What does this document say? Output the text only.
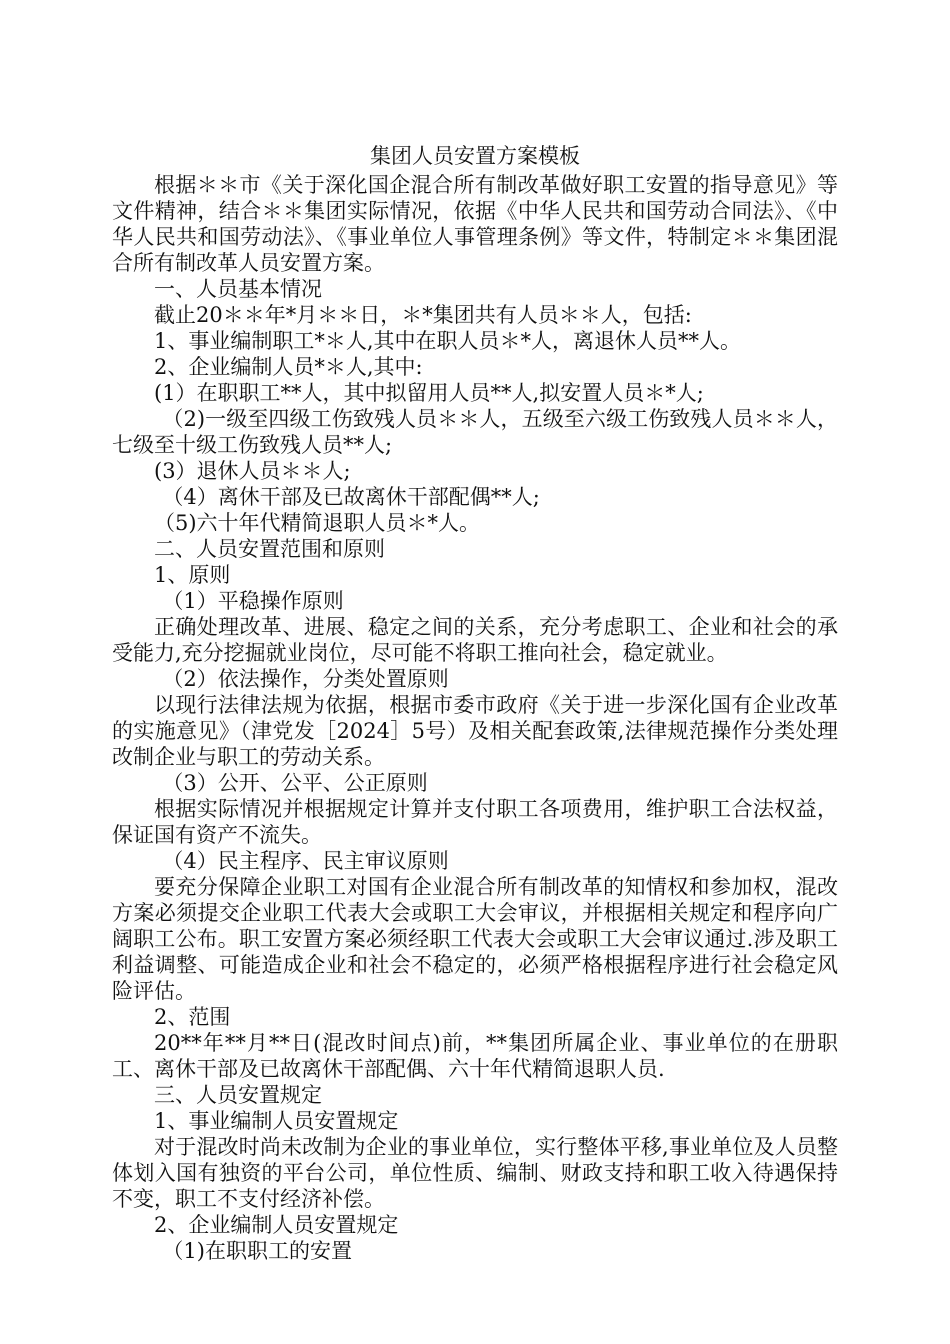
集团人员安置方案模板

根据＊＊市《关于深化国企混合所有制改革做好职工安置的指导意见》等文件精神，结合＊＊集团实际情况，依据《中华人民共和国劳动合同法》、《中华人民共和国劳动法》、《事业单位人事管理条例》等文件，特制定＊＊集团混合所有制改革人员安置方案。

一、人员基本情况

截止20＊＊年*月＊＊日，＊*集团共有人员＊＊人，包括:

1、事业编制职工*＊人,其中在职人员＊*人，离退休人员**人。

2、企业编制人员*＊人,其中:

(1）在职职工**人，其中拟留用人员**人,拟安置人员＊*人;

（2)一级至四级工伤致残人员＊＊人，五级至六级工伤致残人员＊＊人，七级至十级工伤致残人员**人;

(3）退休人员＊＊人;

（4）离休干部及已故离休干部配偶**人;

（5)六十年代精简退职人员＊*人。

二、人员安置范围和原则

1、原则

（1）平稳操作原则

正确处理改革、进展、稳定之间的关系，充分考虑职工、企业和社会的承受能力,充分挖掘就业岗位，尽可能不将职工推向社会，稳定就业。

（2）依法操作，分类处置原则

以现行法律法规为依据，根据市委市政府《关于进一步深化国有企业改革的实施意见》（津党发［2024］5号）及相关配套政策,法律规范操作分类处理改制企业与职工的劳动关系。

（3）公开、公平、公正原则

根据实际情况并根据规定计算并支付职工各项费用，维护职工合法权益，保证国有资产不流失。

（4）民主程序、民主审议原则

要充分保障企业职工对国有企业混合所有制改革的知情权和参加权，混改方案必须提交企业职工代表大会或职工大会审议，并根据相关规定和程序向广阔职工公布。职工安置方案必须经职工代表大会或职工大会审议通过.涉及职工利益调整、可能造成企业和社会不稳定的，必须严格根据程序进行社会稳定风险评估。

2、范围

20**年**月**日(混改时间点)前，**集团所属企业、事业单位的在册职工、离休干部及已故离休干部配偶、六十年代精简退职人员.

三、人员安置规定

1、事业编制人员安置规定

对于混改时尚未改制为企业的事业单位，实行整体平移,事业单位及人员整体划入国有独资的平台公司，单位性质、编制、财政支持和职工收入待遇保持不变，职工不支付经济补偿。

2、企业编制人员安置规定

（1)在职职工的安置
